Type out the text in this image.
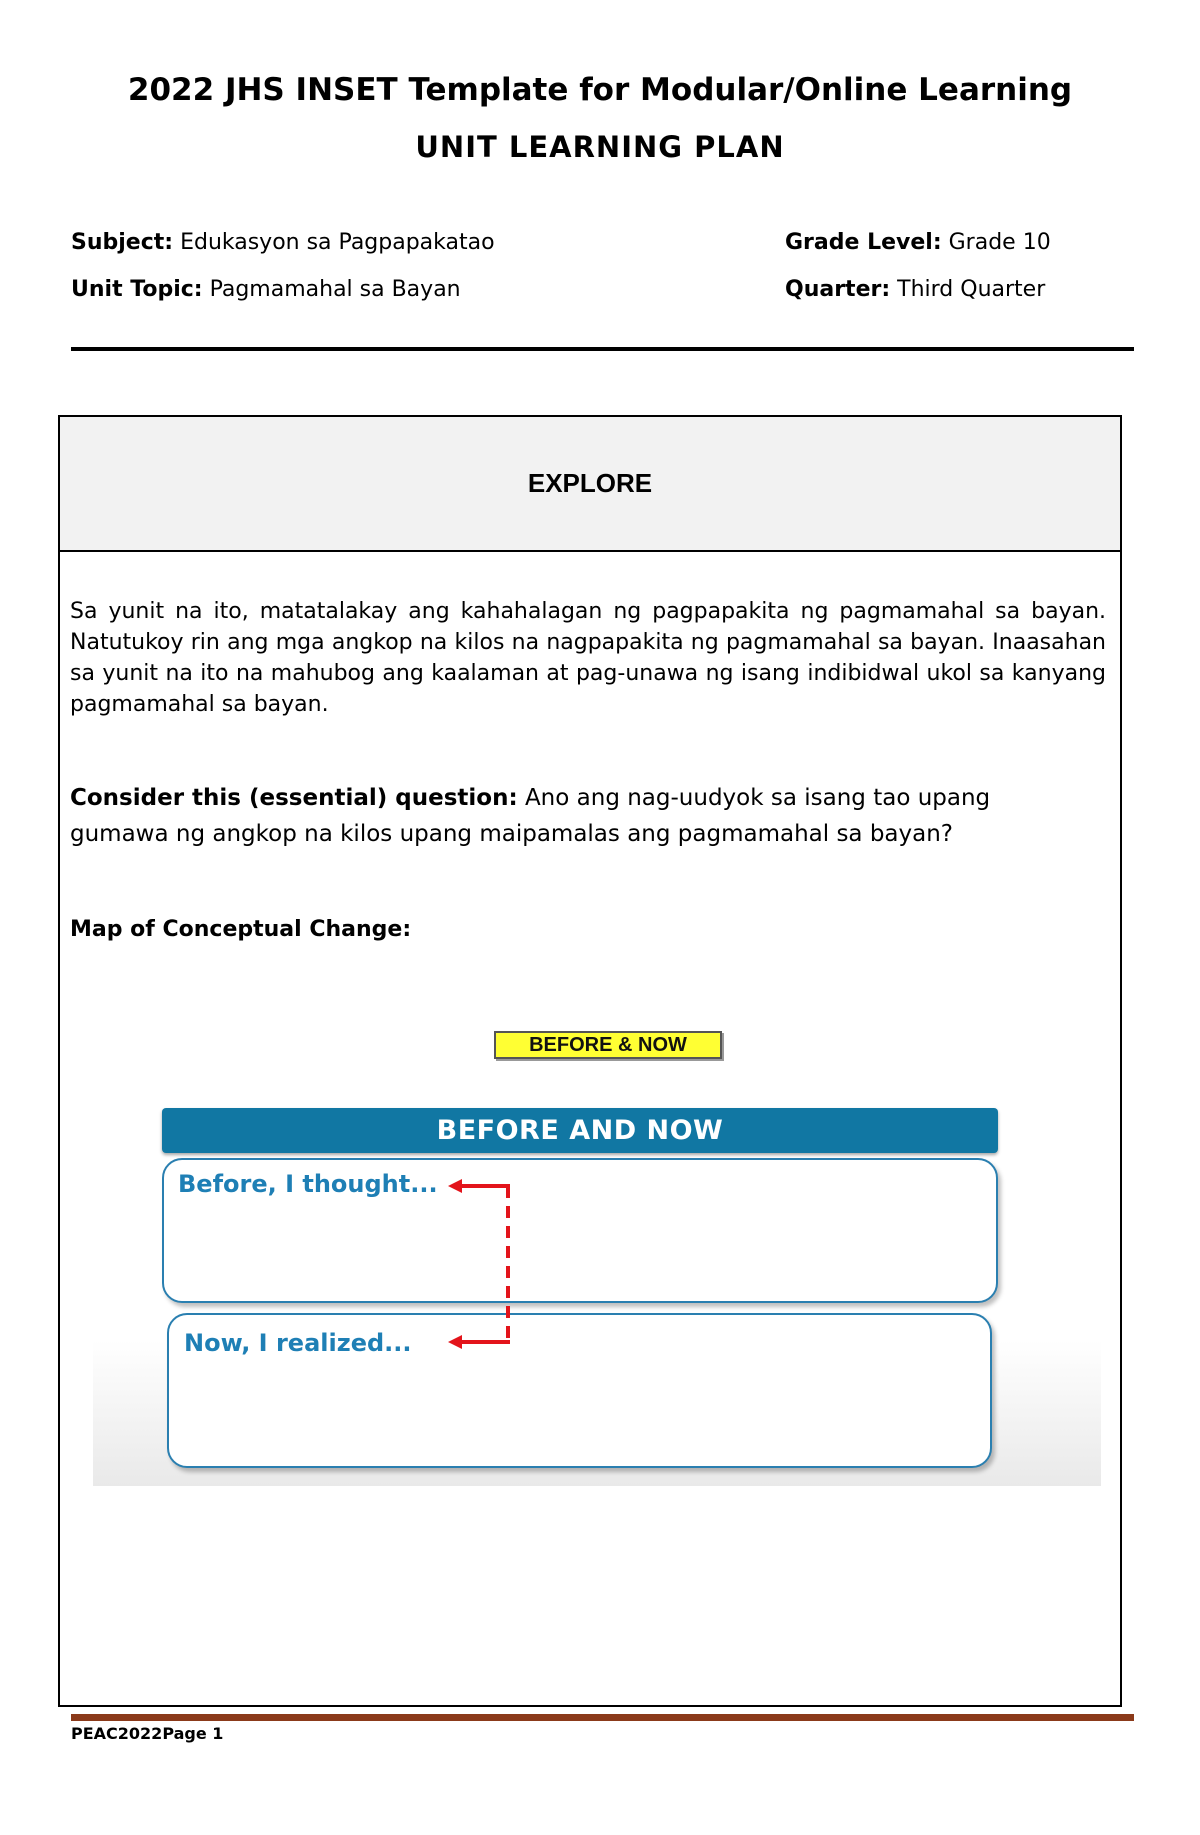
2022 JHS INSET Template for Modular/Online Learning
UNIT LEARNING PLAN
Subject: Edukasyon sa Pagpapakatao	Grade Level: Grade 10
Unit Topic: Pagmamahal sa Bayan	Quarter: Third Quarter
EXPLORE
Sa yunit na ito, matatalakay ang kahahalagan ng pagpapakita ng pagmamahal sa bayan. Natutukoy rin ang mga angkop na kilos na nagpapakita ng pagmamahal sa bayan. Inaasahan sa yunit na ito na mahubog ang kaalaman at pag-unawa ng isang indibidwal ukol sa kanyang pagmamahal sa bayan.
Consider this (essential) question: Ano ang nag-uudyok sa isang tao upang gumawa ng angkop na kilos upang maipamalas ang pagmamahal sa bayan?
Map of Conceptual Change:
BEFORE & NOW
BEFORE AND NOW
Before, I thought...
Now, I realized...
PEAC2022Page 1
